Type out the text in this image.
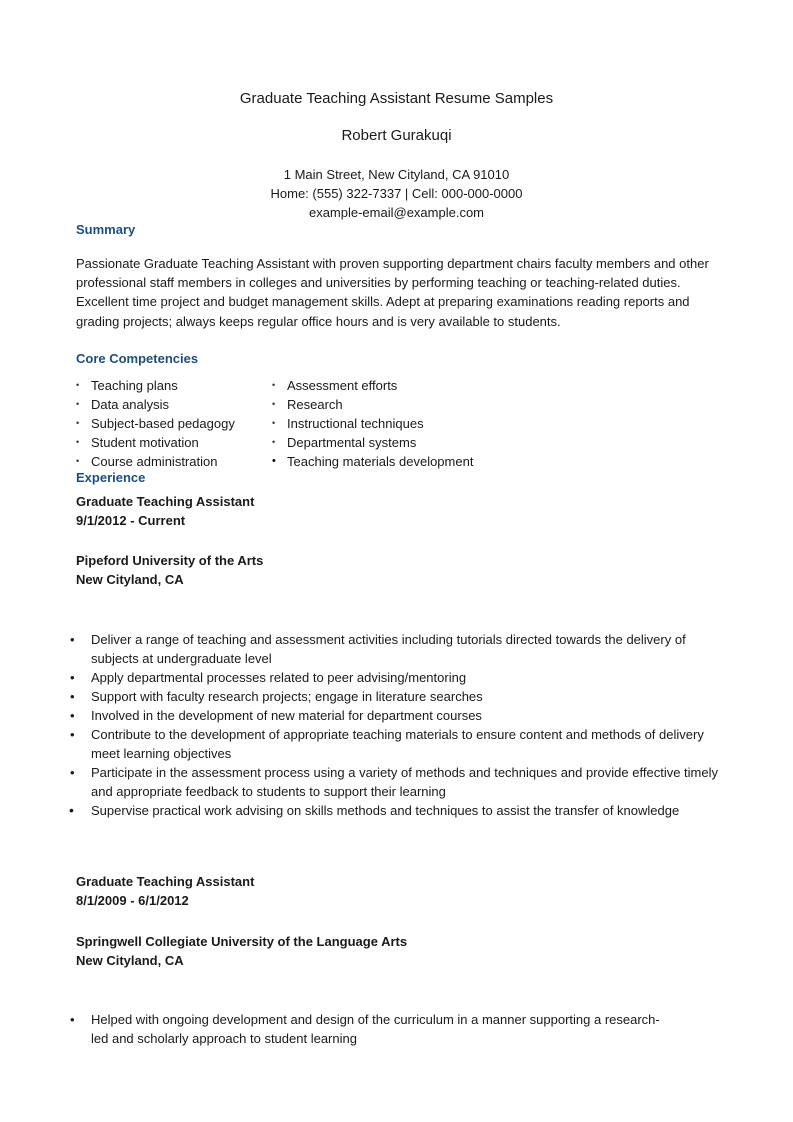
Graduate Teaching Assistant Resume Samples
Robert Gurakuqi
1 Main Street, New Cityland, CA 91010
Home: (555) 322-7337 | Cell: 000-000-0000
example-email@example.com
Summary
Passionate Graduate Teaching Assistant with proven supporting department chairs faculty members and other professional staff members in colleges and universities by performing teaching or teaching-related duties. Excellent time project and budget management skills. Adept at preparing examinations reading reports and grading projects; always keeps regular office hours and is very available to students.
Core Competencies
• Teaching plans
• Data analysis
• Subject-based pedagogy
• Student motivation
• Course administration
• Assessment efforts
• Research
• Instructional techniques
• Departmental systems
• Teaching materials development
Experience
Graduate Teaching Assistant
9/1/2012 - Current
Pipeford University of the Arts
New Cityland, CA
• Deliver a range of teaching and assessment activities including tutorials directed towards the delivery of subjects at undergraduate level
• Apply departmental processes related to peer advising/mentoring
• Support with faculty research projects; engage in literature searches
• Involved in the development of new material for department courses
• Contribute to the development of appropriate teaching materials to ensure content and methods of delivery meet learning objectives
• Participate in the assessment process using a variety of methods and techniques and provide effective timely and appropriate feedback to students to support their learning
• Supervise practical work advising on skills methods and techniques to assist the transfer of knowledge
Graduate Teaching Assistant
8/1/2009 - 6/1/2012
Springwell Collegiate University of the Language Arts
New Cityland, CA
• Helped with ongoing development and design of the curriculum in a manner supporting a research-led and scholarly approach to student learning
